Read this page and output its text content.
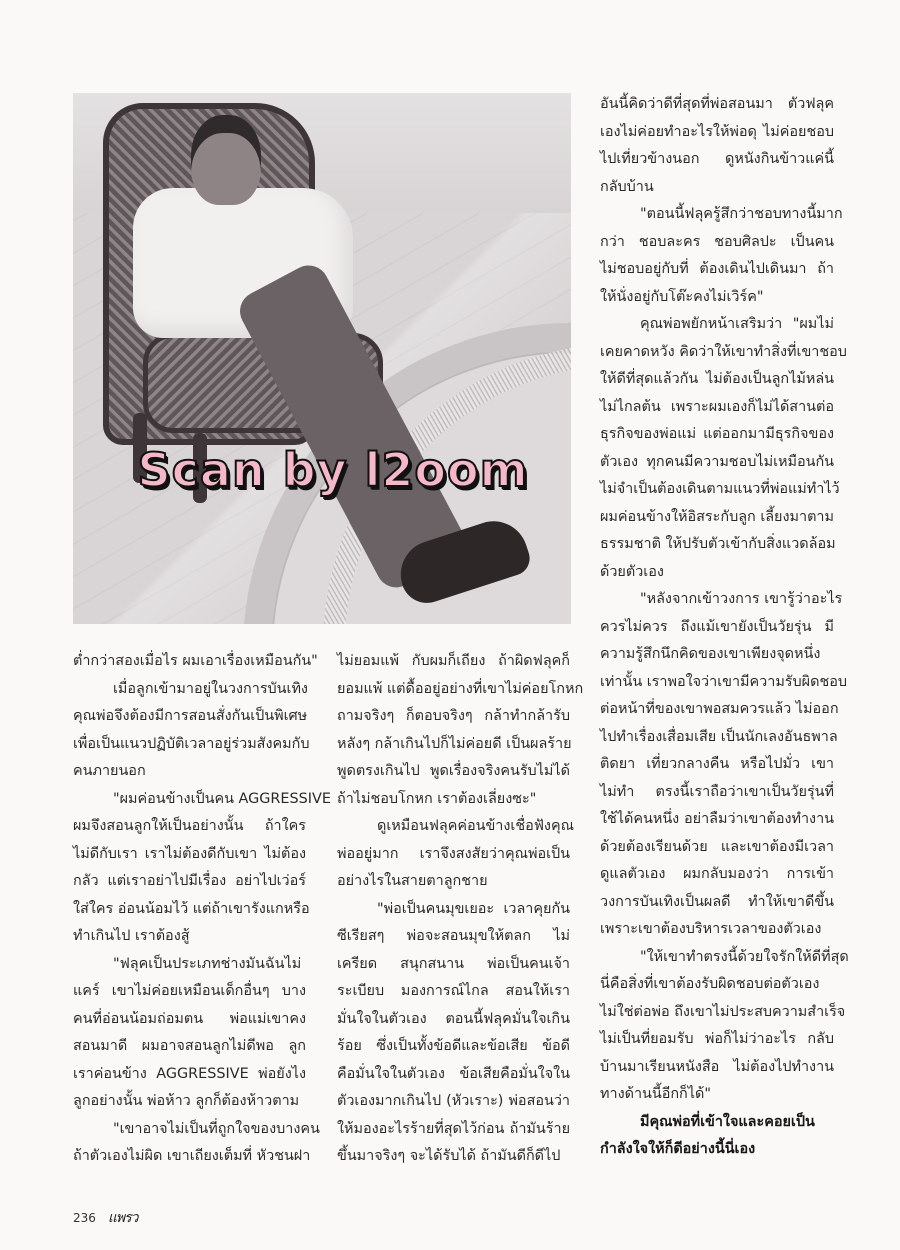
Scan by l2oom

ต่ำกว่าสองเมื่อไร ผมเอาเรื่องเหมือนกัน"

เมื่อลูกเข้ามาอยู่ในวงการบันเทิง
คุณพ่อจึงต้องมีการสอนสั่งกันเป็นพิเศษ
เพื่อเป็นแนวปฏิบัติเวลาอยู่ร่วมสังคมกับ
คนภายนอก

"ผมค่อนข้างเป็นคน AGGRESSIVE
ผมจึงสอนลูกให้เป็นอย่างนั้น ถ้าใคร
ไม่ดีกับเรา เราไม่ต้องดีกับเขา ไม่ต้อง
กลัว แต่เราอย่าไปมีเรื่อง อย่าไปเว่อร์
ใส่ใคร อ่อนน้อมไว้ แต่ถ้าเขารังแกหรือ
ทำเกินไป เราต้องสู้

"ฟลุคเป็นประเภทช่างมันฉันไม่
แคร์ เขาไม่ค่อยเหมือนเด็กอื่นๆ บาง
คนที่อ่อนน้อมถ่อมตน พ่อแม่เขาคง
สอนมาดี ผมอาจสอนลูกไม่ดีพอ ลูก
เราค่อนข้าง AGGRESSIVE พ่อยังไง
ลูกอย่างนั้น พ่อห้าว ลูกก็ต้องห้าวตาม

"เขาอาจไม่เป็นที่ถูกใจของบางคน
ถ้าตัวเองไม่ผิด เขาเถียงเต็มที่ หัวชนฝา

ไม่ยอมแพ้ กับผมก็เถียง ถ้าผิดฟลุคก็
ยอมแพ้ แต่ดื้ออยู่อย่างที่เขาไม่ค่อยโกหก
ถามจริงๆ ก็ตอบจริงๆ กล้าทำกล้ารับ
หลังๆ กล้าเกินไปก็ไม่ค่อยดี เป็นผลร้าย
พูดตรงเกินไป พูดเรื่องจริงคนรับไม่ได้
ถ้าไม่ชอบโกหก เราต้องเลี่ยงซะ"

ดูเหมือนฟลุคค่อนข้างเชื่อฟังคุณ
พ่ออยู่มาก เราจึงสงสัยว่าคุณพ่อเป็น
อย่างไรในสายตาลูกชาย

"พ่อเป็นคนมุขเยอะ เวลาคุยกัน
ซีเรียสๆ พ่อจะสอนมุขให้ตลก ไม่
เครียด สนุกสนาน พ่อเป็นคนเจ้า
ระเบียบ มองการณ์ไกล สอนให้เรา
มั่นใจในตัวเอง ตอนนี้ฟลุคมั่นใจเกิน
ร้อย ซึ่งเป็นทั้งข้อดีและข้อเสีย ข้อดี
คือมั่นใจในตัวเอง ข้อเสียคือมั่นใจใน
ตัวเองมากเกินไป (หัวเราะ) พ่อสอนว่า
ให้มองอะไรร้ายที่สุดไว้ก่อน ถ้ามันร้าย
ขึ้นมาจริงๆ จะได้รับได้ ถ้ามันดีก็ดีไป

อันนี้คิดว่าดีที่สุดที่พ่อสอนมา ตัวฟลุค
เองไม่ค่อยทำอะไรให้พ่อดุ ไม่ค่อยชอบ
ไปเที่ยวข้างนอก ดูหนังกินข้าวแค่นี้
กลับบ้าน

"ตอนนี้ฟลุครู้สึกว่าชอบทางนี้มาก
กว่า ชอบละคร ชอบศิลปะ เป็นคน
ไม่ชอบอยู่กับที่ ต้องเดินไปเดินมา ถ้า
ให้นั่งอยู่กับโต๊ะคงไม่เวิร์ค"

คุณพ่อพยักหน้าเสริมว่า "ผมไม่
เคยคาดหวัง คิดว่าให้เขาทำสิ่งที่เขาชอบ
ให้ดีที่สุดแล้วกัน ไม่ต้องเป็นลูกไม้หล่น
ไม่ไกลต้น เพราะผมเองก็ไม่ได้สานต่อ
ธุรกิจของพ่อแม่ แต่ออกมามีธุรกิจของ
ตัวเอง ทุกคนมีความชอบไม่เหมือนกัน
ไม่จำเป็นต้องเดินตามแนวที่พ่อแม่ทำไว้
ผมค่อนข้างให้อิสระกับลูก เลี้ยงมาตาม
ธรรมชาติ ให้ปรับตัวเข้ากับสิ่งแวดล้อม
ด้วยตัวเอง

"หลังจากเข้าวงการ เขารู้ว่าอะไร
ควรไม่ควร ถึงแม้เขายังเป็นวัยรุ่น มี
ความรู้สึกนึกคิดของเขาเพียงจุดหนึ่ง
เท่านั้น เราพอใจว่าเขามีความรับผิดชอบ
ต่อหน้าที่ของเขาพอสมควรแล้ว ไม่ออก
ไปทำเรื่องเสื่อมเสีย เป็นนักเลงอันธพาล
ติดยา เที่ยวกลางคืน หรือไปมั่ว เขา
ไม่ทำ ตรงนี้เราถือว่าเขาเป็นวัยรุ่นที่
ใช้ได้คนหนึ่ง อย่าลืมว่าเขาต้องทำงาน
ด้วยต้องเรียนด้วย และเขาต้องมีเวลา
ดูแลตัวเอง ผมกลับมองว่า การเข้า
วงการบันเทิงเป็นผลดี ทำให้เขาดีขึ้น
เพราะเขาต้องบริหารเวลาของตัวเอง

"ให้เขาทำตรงนี้ด้วยใจรักให้ดีที่สุด
นี่คือสิ่งที่เขาต้องรับผิดชอบต่อตัวเอง
ไม่ใช่ต่อพ่อ ถึงเขาไม่ประสบความสำเร็จ
ไม่เป็นที่ยอมรับ พ่อก็ไม่ว่าอะไร กลับ
บ้านมาเรียนหนังสือ ไม่ต้องไปทำงาน
ทางด้านนี้อีกก็ได้"

มีคุณพ่อที่เข้าใจและคอยเป็น
กำลังใจให้ก็ดีอย่างนี้นี่เอง

236 แพรว
